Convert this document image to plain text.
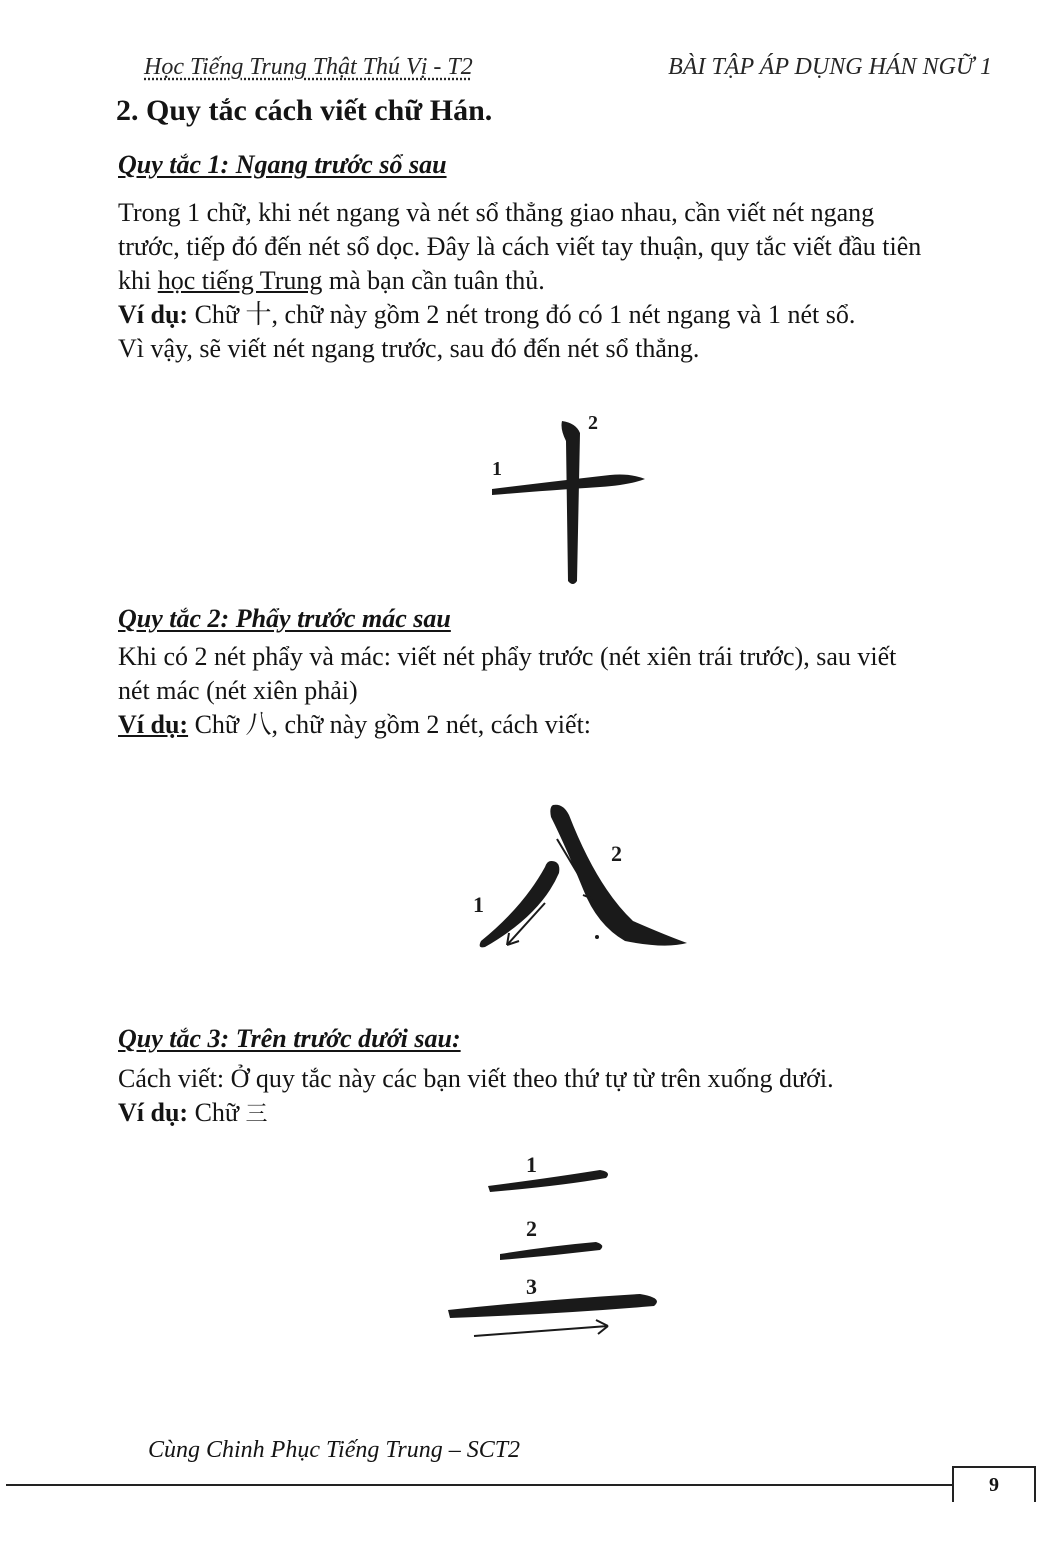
Học Tiếng Trung Thật Thú Vị - T2	BÀI TẬP ÁP DỤNG HÁN NGỮ 1
2. Quy tắc cách viết chữ Hán.
Quy tắc 1: Ngang trước sổ sau
Trong 1 chữ, khi nét ngang và nét sổ thẳng giao nhau, cần viết nét ngang
trước, tiếp đó đến nét sổ dọc. Đây là cách viết tay thuận, quy tắc viết đầu tiên
khi học tiếng Trung mà bạn cần tuân thủ.
Ví dụ: Chữ 十, chữ này gồm 2 nét trong đó có 1 nét ngang và 1 nét sổ.
Vì vậy, sẽ viết nét ngang trước, sau đó đến nét sổ thẳng.
1
2
Quy tắc 2: Phẩy trước mác sau
Khi có 2 nét phẩy và mác: viết nét phẩy trước (nét xiên trái trước), sau viết
nét mác (nét xiên phải)
Ví dụ: Chữ 八, chữ này gồm 2 nét, cách viết:
1
2
Quy tắc 3: Trên trước dưới sau:
Cách viết: Ở quy tắc này các bạn viết theo thứ tự từ trên xuống dưới.
Ví dụ: Chữ 三
1
2
3
Cùng Chinh Phục Tiếng Trung – SCT2
9
